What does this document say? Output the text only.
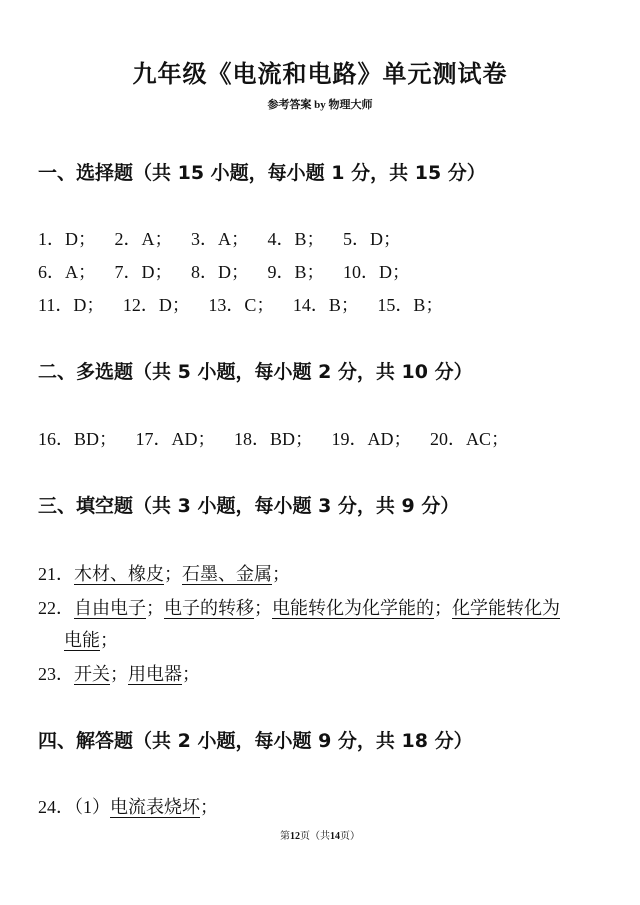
九年级《电流和电路》单元测试卷
参考答案 by 物理大师
一、选择题（共 15 小题，每小题 1 分，共 15 分）
1．D； 2．A； 3．A； 4．B； 5．D；
6．A； 7．D； 8．D； 9．B； 10．D；
11．D； 12．D； 13．C； 14．B； 15．B；
二、多选题（共 5 小题，每小题 2 分，共 10 分）
16．BD； 17．AD； 18．BD； 19．AD； 20．AC；
三、填空题（共 3 小题，每小题 3 分，共 9 分）
21．木材、橡皮；石墨、金属；
22．自由电子；电子的转移；电能转化为化学能的；化学能转化为
电能；
23．开关；用电器；
四、解答题（共 2 小题，每小题 9 分，共 18 分）
24．（1）电流表烧坏；
第12页（共14页）
